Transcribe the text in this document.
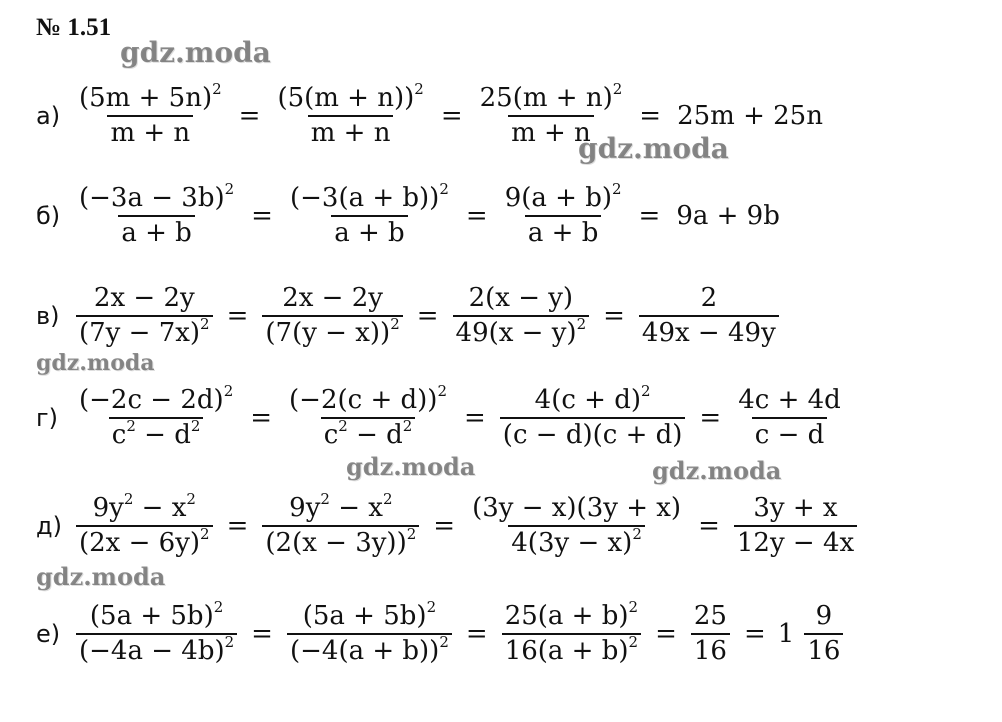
№ 1.51
gdz.moda
gdz.moda
gdz.moda
gdz.moda	gdz.moda
gdz.moda
$а) \frac{(5m + 5n)^2}{m + n} = \frac{(5(m + n))^2}{m + n} = \frac{25(m + n)^2}{m + n} = 25m + 25n$
$б) \frac{(-3a - 3b)^2}{a + b} = \frac{(-3(a + b))^2}{a + b} = \frac{9(a + b)^2}{a + b} = 9a + 9b$
$в) \frac{2x - 2y}{(7y - 7x)^2} = \frac{2x - 2y}{(7(y - x))^2} = \frac{2(x - y)}{49(x - y)^2} = \frac{2}{49x - 49y}$
$г) \frac{(-2c - 2d)^2}{c^2 - d^2} = \frac{(-2(c + d))^2}{c^2 - d^2} = \frac{4(c + d)^2}{(c - d)(c + d)} = \frac{4c + 4d}{c - d}$
$д) \frac{9y^2 - x^2}{(2x - 6y)^2} = \frac{9y^2 - x^2}{(2(x - 3y))^2} = \frac{(3y - x)(3y + x)}{4(3y - x)^2} = \frac{3y + x}{12y - 4x}$
$е) \frac{(5a + 5b)^2}{(-4a - 4b)^2} = \frac{(5a + 5b)^2}{(-4(a + b))^2} = \frac{25(a + b)^2}{16(a + b)^2} = \frac{25}{16} = 1 \frac{9}{16}$
